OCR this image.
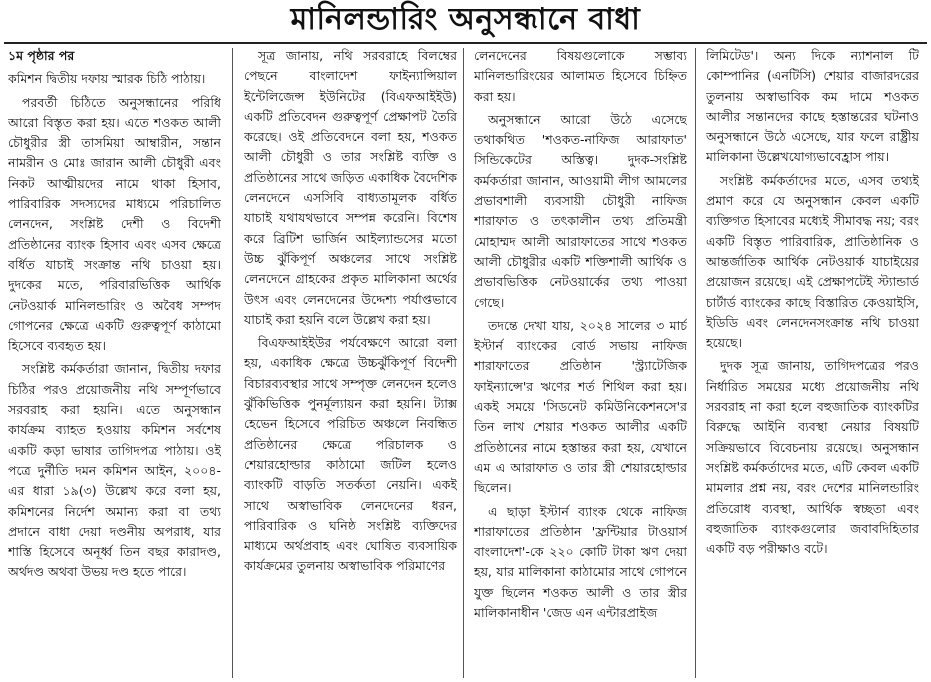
মানিলন্ডারিং অনুসন্ধানে বাধা

১ম পৃষ্ঠার পর

কমিশন দ্বিতীয় দফায় স্মারক চিঠি পাঠায়।

পরবর্তী চিঠিতে অনুসন্ধানের পরিধি আরো বিস্তৃত করা হয়। এতে শওকত আলী চৌধুরীর স্ত্রী তাসমিয়া আম্বারীন, সন্তান নামরীন ও মোঃ জারান আলী চৌধুরী এবং নিকট আত্মীয়দের নামে থাকা হিসাব, পারিবারিক সদস্যদের মাধ্যমে পরিচালিত লেনদেন, সংশ্লিষ্ট দেশী ও বিদেশী প্রতিষ্ঠানের ব্যাংক হিসাব এবং এসব ক্ষেত্রে বর্ধিত যাচাই সংক্রান্ত নথি চাওয়া হয়। দুদকের মতে, পরিবারভিত্তিক আর্থিক নেটওয়ার্ক মানিলন্ডারিং ও অবৈধ সম্পদ গোপনের ক্ষেত্রে একটি গুরুত্বপূর্ণ কাঠামো হিসেবে ব্যবহৃত হয়।

সংশ্লিষ্ট কর্মকর্তারা জানান, দ্বিতীয় দফার চিঠির পরও প্রয়োজনীয় নথি সম্পূর্ণভাবে সরবরাহ করা হয়নি। এতে অনুসন্ধান কার্যক্রম ব্যাহত হওয়ায় কমিশন সর্বশেষ একটি কড়া ভাষার তাগিদপত্র পাঠায়। ওই পত্রে দুর্নীতি দমন কমিশন আইন, ২০০৪-এর ধারা ১৯(৩) উল্লেখ করে বলা হয়, কমিশনের নির্দেশ অমান্য করা বা তথ্য প্রদানে বাধা দেয়া দণ্ডনীয় অপরাধ, যার শাস্তি হিসেবে অনূর্ধ্ব তিন বছর কারাদণ্ড, অর্থদণ্ড অথবা উভয় দণ্ড হতে পারে।

সূত্র জানায়, নথি সরবরাহে বিলম্বের পেছনে বাংলাদেশ ফাইন্যান্সিয়াল ইন্টেলিজেন্স ইউনিটের (বিএফআইইউ) একটি প্রতিবেদন গুরুত্বপূর্ণ প্রেক্ষাপট তৈরি করেছে। ওই প্রতিবেদনে বলা হয়, শওকত আলী চৌধুরী ও তার সংশ্লিষ্ট ব্যক্তি ও প্রতিষ্ঠানের সাথে জড়িত একাধিক বৈদেশিক লেনদেনে এসসিবি বাধ্যতামূলক বর্ধিত যাচাই যথাযথভাবে সম্পন্ন করেনি। বিশেষ করে ব্রিটিশ ভার্জিন আইল্যান্ডসের মতো উচ্চ ঝুঁকিপূর্ণ অঞ্চলের সাথে সংশ্লিষ্ট লেনদেনে গ্রাহকের প্রকৃত মালিকানা অর্থের উৎস এবং লেনদেনের উদ্দেশ্য পর্যাপ্তভাবে যাচাই করা হয়নি বলে উল্লেখ করা হয়।

বিএফআইইউর পর্যবেক্ষণে আরো বলা হয়, একাধিক ক্ষেত্রে উচ্চঝুঁকিপূর্ণ বিদেশী বিচারব্যবস্থার সাথে সম্পৃক্ত লেনদেন হলেও ঝুঁকিভিত্তিক পুনর্মূল্যায়ন করা হয়নি। ট্যাক্স হেভেন হিসেবে পরিচিত অঞ্চলে নিবন্ধিত প্রতিষ্ঠানের ক্ষেত্রে পরিচালক ও শেয়ারহোল্ডার কাঠামো জটিল হলেও ব্যাংকটি বাড়তি সতর্কতা নেয়নি। একই সাথে অস্বাভাবিক লেনদেনের ধরন, পারিবারিক ও ঘনিষ্ঠ সংশ্লিষ্ট ব্যক্তিদের মাধ্যমে অর্থপ্রবাহ এবং ঘোষিত ব্যবসায়িক কার্যক্রমের তুলনায় অস্বাভাবিক পরিমাণের

লেনদেনের বিষয়গুলোকে সম্ভাব্য মানিলন্ডারিংয়ের আলামত হিসেবে চিহ্নিত করা হয়।

অনুসন্ধানে আরো উঠে এসেছে তথাকথিত 'শওকত-নাফিজ আরাফাত' সিন্ডিকেটের অস্তিত্ব। দুদক-সংশ্লিষ্ট কর্মকর্তারা জানান, আওয়ামী লীগ আমলের প্রভাবশালী ব্যবসায়ী চৌধুরী নাফিজ শারাফাত ও তৎকালীন তথ্য প্রতিমন্ত্রী মোহাম্মদ আলী আরাফাতের সাথে শওকত আলী চৌধুরীর একটি শক্তিশালী আর্থিক ও প্রভাবভিত্তিক নেটওয়ার্কের তথ্য পাওয়া গেছে।

তদন্তে দেখা যায়, ২০২৪ সালের ৩ মার্চ ইস্টার্ন ব্যাংকের বোর্ড সভায় নাফিজ শারাফাতের প্রতিষ্ঠান 'স্ট্র্যাটেজিক ফাইন্যান্সে'র ঋণের শর্ত শিথিল করা হয়। একই সময়ে 'সিডনেট কমিউনিকেশনসে'র তিন লাখ শেয়ার শওকত আলীর একটি প্রতিষ্ঠানের নামে হস্তান্তর করা হয়, যেখানে এম এ আরাফাত ও তার স্ত্রী শেয়ারহোল্ডার ছিলেন।

এ ছাড়া ইস্টার্ন ব্যাংক থেকে নাফিজ শারাফাতের প্রতিষ্ঠান 'ফ্রন্টিয়ার টাওয়ার্স বাংলাদেশ'-কে ২২০ কোটি টাকা ঋণ দেয়া হয়, যার মালিকানা কাঠামোর সাথে গোপনে যুক্ত ছিলেন শওকত আলী ও তার স্ত্রীর মালিকানাধীন 'জেড এন এন্টারপ্রাইজ

লিমিটেড'। অন্য দিকে ন্যাশনাল টি কোম্পানির (এনটিসি) শেয়ার বাজারদরের তুলনায় অস্বাভাবিক কম দামে শওকত আলীর সন্তানদের কাছে হস্তান্তরের ঘটনাও অনুসন্ধানে উঠে এসেছে, যার ফলে রাষ্ট্রীয় মালিকানা উল্লেখযোগ্যভাবেহ্রাস পায়।

সংশ্লিষ্ট কর্মকর্তাদের মতে, এসব তথ্যই প্রমাণ করে যে অনুসন্ধান কেবল একটি ব্যক্তিগত হিসাবের মধ্যেই সীমাবদ্ধ নয়; বরং একটি বিস্তৃত পারিবারিক, প্রাতিষ্ঠানিক ও আন্তর্জাতিক আর্থিক নেটওয়ার্ক যাচাইয়ের প্রয়োজন রয়েছে। এই প্রেক্ষাপটেই স্ট্যান্ডার্ড চার্টার্ড ব্যাংকের কাছে বিস্তারিত কেওয়াইসি, ইডিডি এবং লেনদেনসংক্রান্ত নথি চাওয়া হয়েছে।

দুদক সূত্র জানায়, তাগিদপত্রের পরও নির্ধারিত সময়ের মধ্যে প্রয়োজনীয় নথি সরবরাহ না করা হলে বহুজাতিক ব্যাংকটির বিরুদ্ধে আইনি ব্যবস্থা নেয়ার বিষয়টি সক্রিয়ভাবে বিবেচনায় রয়েছে। অনুসন্ধান সংশ্লিষ্ট কর্মকর্তাদের মতে, এটি কেবল একটি মামলার প্রশ্ন নয়, বরং দেশের মানিলন্ডারিং প্রতিরোধ ব্যবস্থা, আর্থিক স্বচ্ছতা এবং বহুজাতিক ব্যাংকগুলোর জবাবদিহিতার একটি বড় পরীক্ষাও বটে।
